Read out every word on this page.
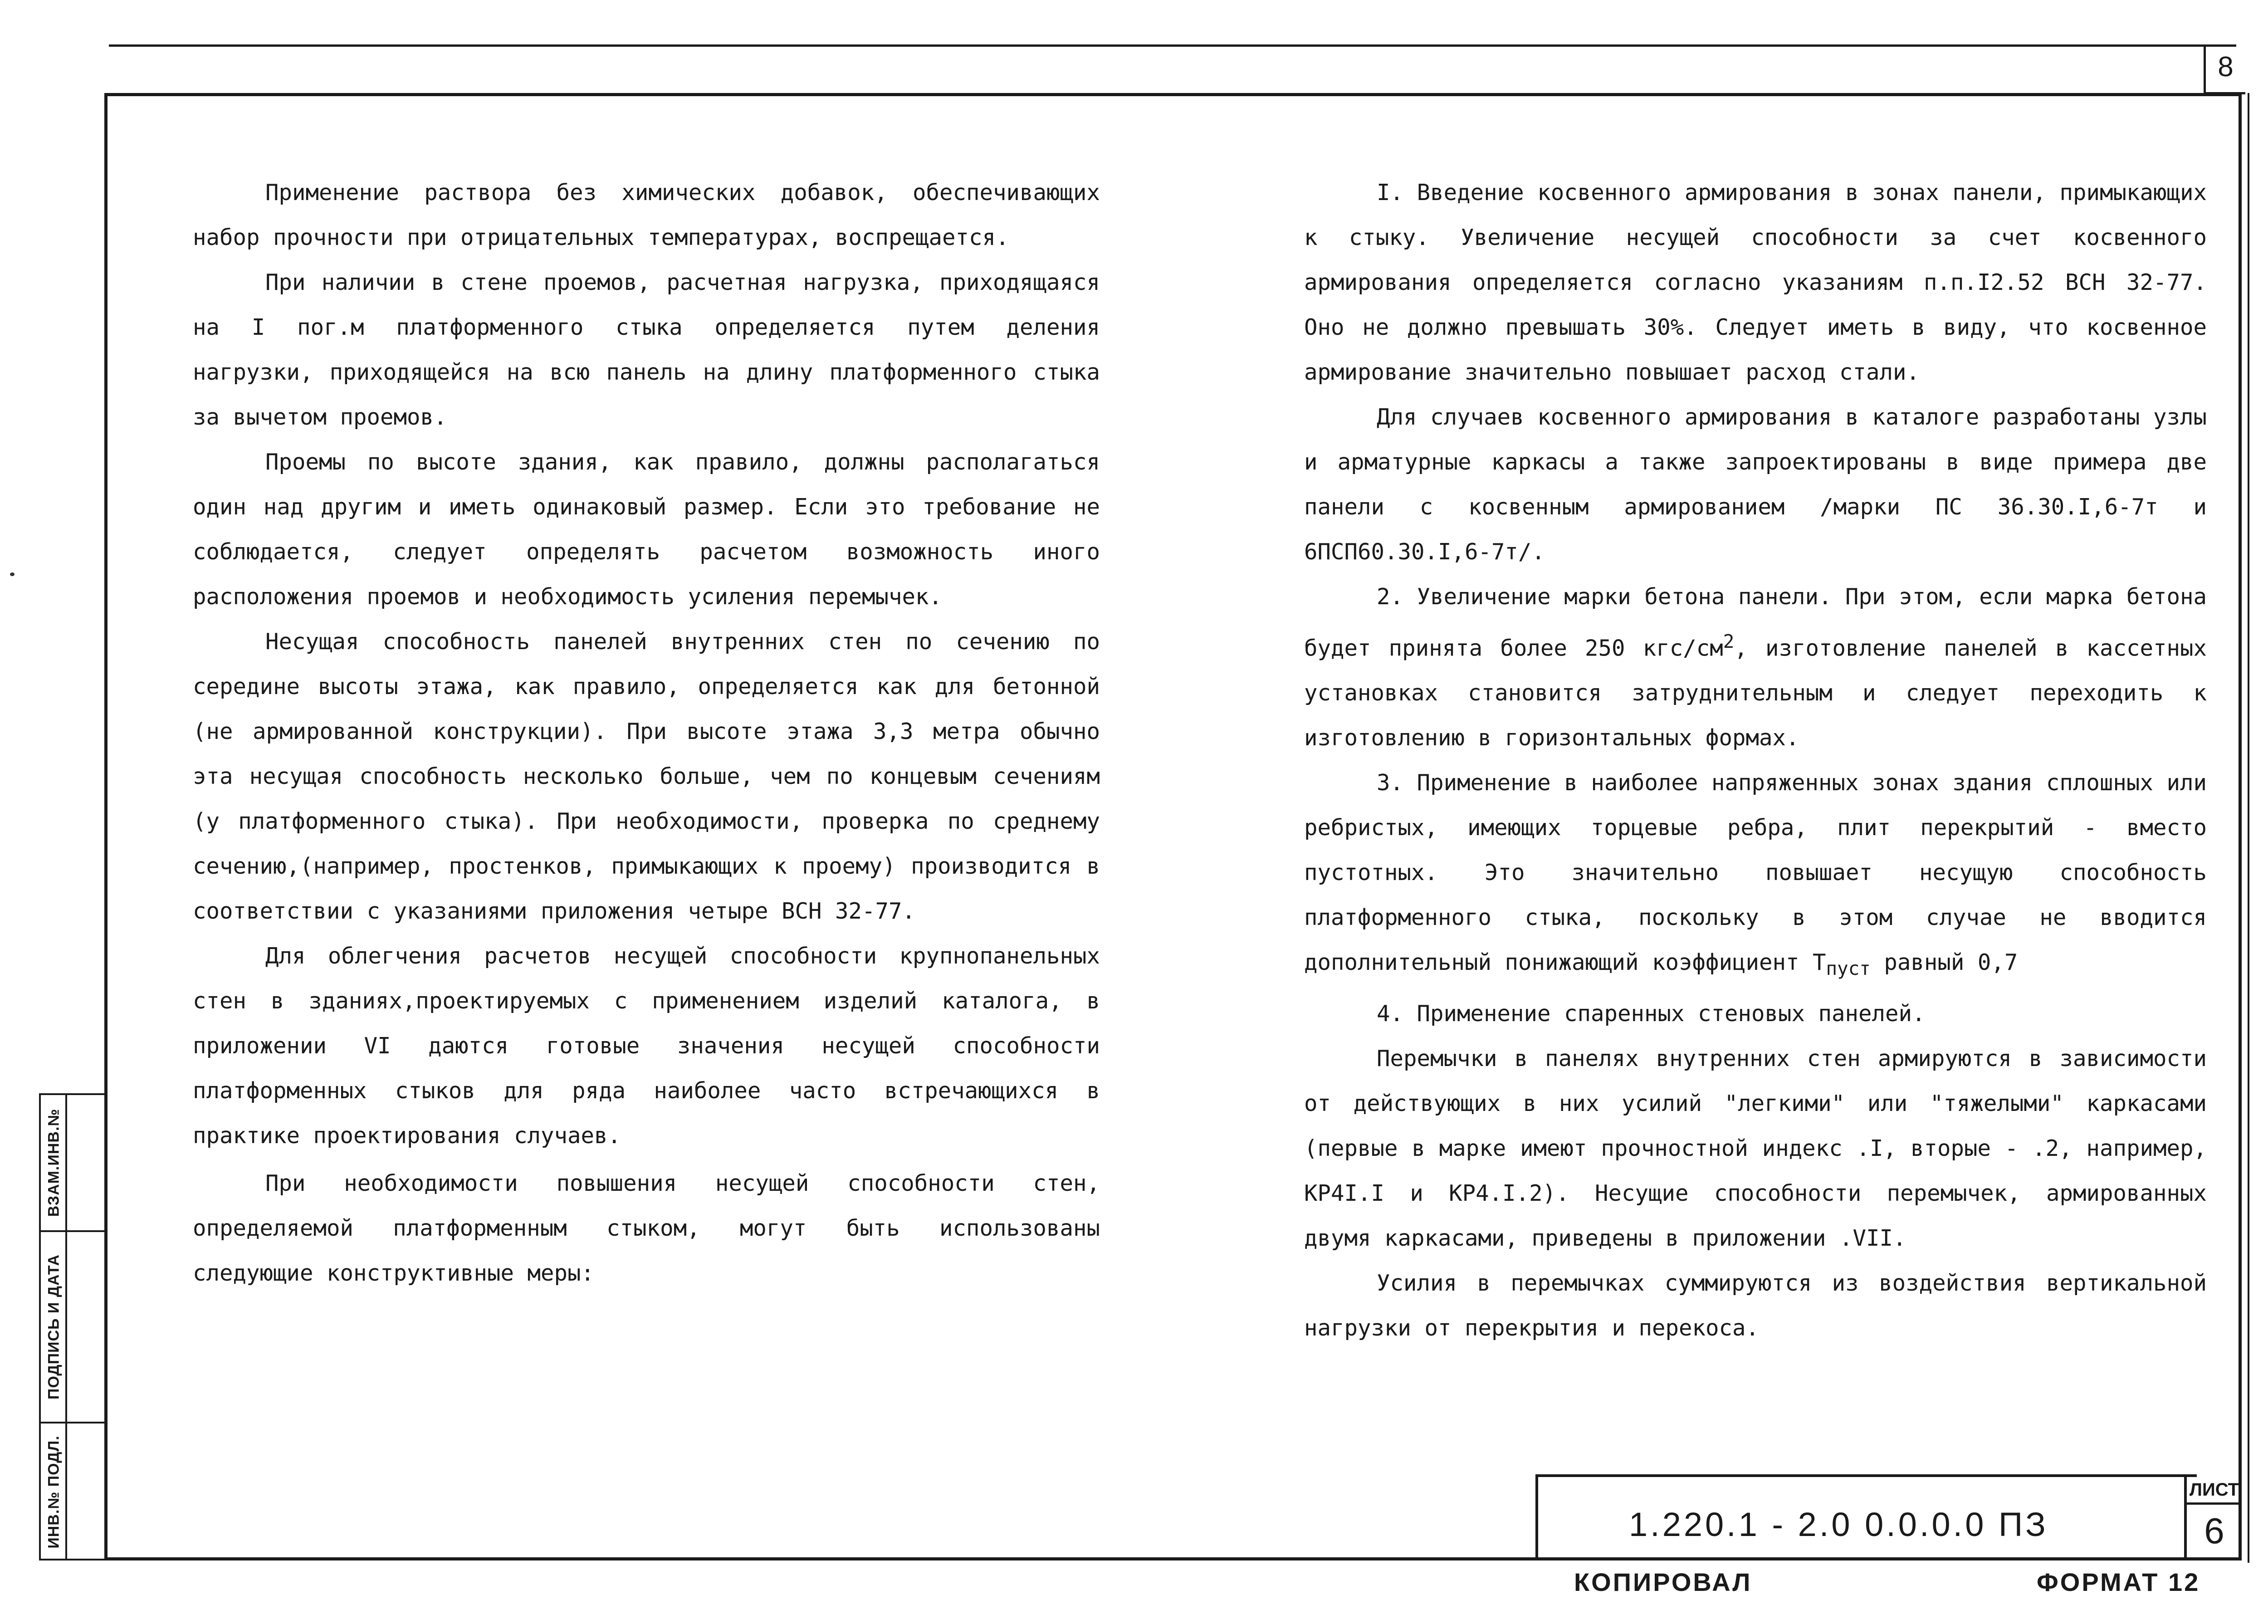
8
ВЗАМ.ИНВ.№
ПОДПИСЬ И ДАТА
ИНВ.№ ПОДЛ.

Применение раствора без химических добавок, обеспечивающих набор прочности при отрицательных температурах, воспрещается.

При наличии в стене проемов, расчетная нагрузка, приходящаяся на I пог.м платформенного стыка определяется путем деления нагрузки, приходящейся на всю панель на длину платформенного стыка за вычетом проемов.

Проемы по высоте здания, как правило, должны располагаться один над другим и иметь одинаковый размер. Если это требование не соблюдается, следует определять расчетом возможность иного расположения проемов и необходимость усиления перемычек.

Несущая способность панелей внутренних стен по сечению по середине высоты этажа, как правило, определяется как для бетонной (не армированной конструкции). При высоте этажа 3,3 метра обычно эта несущая способность несколько больше, чем по концевым сечениям (у платформенного стыка). При необходимости, проверка по среднему сечению,(например, простенков, примыкающих к проему) производится в соответствии с указаниями приложения четыре ВСН 32-77.

Для облегчения расчетов несущей способности крупнопанельных стен в зданиях,проектируемых с применением изделий каталога, в приложении VI даются готовые значения несущей способности платформенных стыков для ряда наиболее часто встречающихся в практике проектирования случаев.

При необходимости повышения несущей способности стен, определяемой платформенным стыком, могут быть использованы следующие конструктивные меры:

I. Введение косвенного армирования в зонах панели, примыкающих к стыку. Увеличение несущей способности за счет косвенного армирования определяется согласно указаниям п.п.I2.52 ВСН 32-77. Оно не должно превышать 30%. Следует иметь в виду, что косвенное армирование значительно повышает расход стали.

Для случаев косвенного армирования в каталоге разработаны узлы и арматурные каркасы а также запроектированы в виде примера две панели с косвенным армированием /марки ПС 36.30.I,6-7т и 6ПСП60.30.I,6-7т/.

2. Увеличение марки бетона панели. При этом, если марка бетона будет принята более 250 кгс/$см^2$, изготовление панелей в кассетных установках становится затруднительным и следует переходить к изготовлению в горизонтальных формах.

3. Применение в наиболее напряженных зонах здания сплошных или ребристых, имеющих торцевые ребра, плит перекрытий - вместо пустотных. Это значительно повышает несущую способность платформенного стыка, поскольку в этом случае не вводится дополнительный понижающий коэффициент $Т_{пуст}$ равный 0,7

4. Применение спаренных стеновых панелей.

Перемычки в панелях внутренних стен армируются в зависимости от действующих в них усилий "легкими" или "тяжелыми" каркасами (первые в марке имеют прочностной индекс .I, вторые - .2, например, КР4I.I и КР4.I.2). Несущие способности перемычек, армированных двумя каркасами, приведены в приложении .VII.

Усилия в перемычках суммируются из воздействия вертикальной нагрузки от перекрытия и перекоса.

1.220.1 - 2.0 0.0.0.0 ПЗ
ЛИСТ
6
КОПИРОВАЛ	ФОРМАТ 12
